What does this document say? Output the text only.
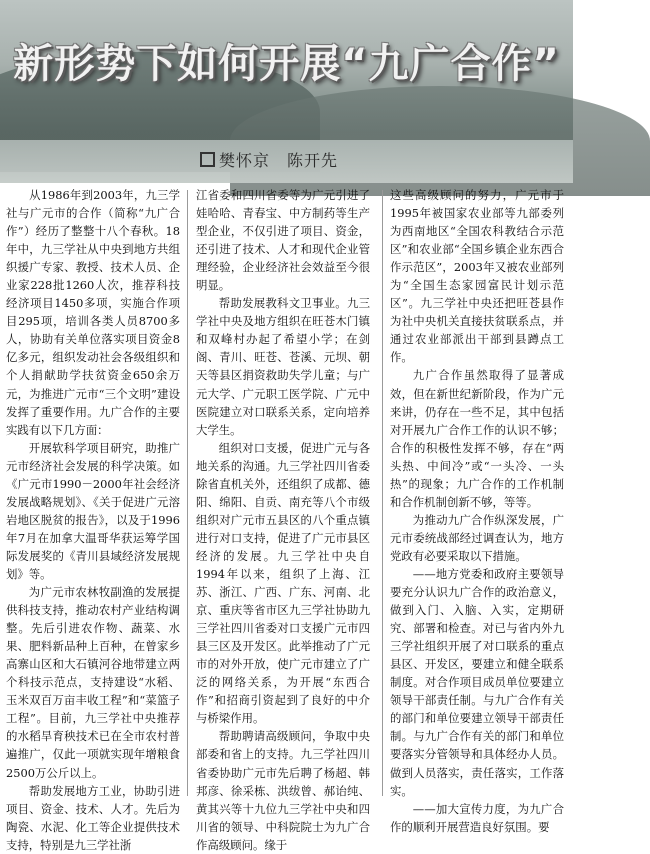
新形势下如何开展“九广合作”
樊怀京　陈开先

　　从1986年到2003年，九三学社与广元市的合作（简称“九广合作”）经历了整整十八个春秋。18年中，九三学社从中央到地方共组织援广专家、教授、技术人员、企业家228批1260人次，推荐科技经济项目1450多项，实施合作项目295项，培训各类人员8700多人，协助有关单位落实项目资金8亿多元，组织发动社会各级组织和个人捐献助学扶贫资金650余万元，为推进广元市“三个文明”建设发挥了重要作用。九广合作的主要实践有以下几方面：

开展软科学项目研究，助推广元市经济社会发展的科学决策。如《广元市1990－2000年社会经济发展战略规划》、《关于促进广元溶岩地区脱贫的报告》，以及于1996年7月在加拿大温哥华获运筹学国际发展奖的《青川县域经济发展规划》等。

为广元市农林牧副渔的发展提供科技支持，推动农村产业结构调整。先后引进农作物、蔬菜、水果、肥料新品种上百种，在曾家乡高寨山区和大石镇河谷地带建立两个科技示范点，支持建设“水稻、玉米双百万亩丰收工程”和“菜篮子工程”。目前，九三学社中央推荐的水稻旱育秧技术已在全市农村普遍推广，仅此一项就实现年增粮食2500万公斤以上。

帮助发展地方工业，协助引进项目、资金、技术、人才。先后为陶瓷、水泥、化工等企业提供技术支持，特别是九三学社浙

江省委和四川省委等为广元引进了娃哈哈、青春宝、中方制药等生产型企业，不仅引进了项目、资金，还引进了技术、人才和现代企业管理经验，企业经济社会效益至今很明显。

帮助发展教科文卫事业。九三学社中央及地方组织在旺苍木门镇和双峰村办起了希望小学；在剑阁、青川、旺苍、苍溪、元坝、朝天等县区捐资救助失学儿童；与广元大学、广元职工医学院、广元中医院建立对口联系关系，定向培养大学生。

组织对口支援，促进广元与各地关系的沟通。九三学社四川省委除省直机关外，还组织了成都、德阳、绵阳、自贡、南充等八个市级组织对广元市五县区的八个重点镇进行对口支持，促进了广元市县区经济的发展。九三学社中央自1994年以来，组织了上海、江苏、浙江、广西、广东、河南、北京、重庆等省市区九三学社协助九三学社四川省委对口支援广元市四县三区及开发区。此举推动了广元市的对外开放，使广元市建立了广泛的网络关系，为开展“东西合作”和招商引资起到了良好的中介与桥梁作用。

帮助聘请高级顾问，争取中央部委和省上的支持。九三学社四川省委协助广元市先后聘了杨超、韩邦彦、徐采栋、洪绂曾、郝诒纯、黄其兴等十九位九三学社中央和四川省的领导、中科院院士为九广合作高级顾问。缘于

这些高级顾问的努力，广元市于1995年被国家农业部等九部委列为西南地区“全国农科教结合示范区”和农业部“全国乡镇企业东西合作示范区”，2003年又被农业部列为“全国生态家园富民计划示范区”。九三学社中央还把旺苍县作为社中央机关直接扶贫联系点，并通过农业部派出干部到县蹲点工作。

九广合作虽然取得了显著成效，但在新世纪新阶段，作为广元来讲，仍存在一些不足，其中包括对开展九广合作工作的认识不够；合作的积极性发挥不够，存在“两头热、中间冷”或“一头冷、一头热”的现象；九广合作的工作机制和合作机制创新不够，等等。

为推动九广合作纵深发展，广元市委统战部经过调查认为，地方党政有必要采取以下措施。

——地方党委和政府主要领导要充分认识九广合作的政治意义，做到入门、入脑、入实，定期研究、部署和检查。对已与省内外九三学社组织开展了对口联系的重点县区、开发区，要建立和健全联系制度。对合作项目成员单位要建立领导干部责任制。与九广合作有关的部门和单位要建立领导干部责任制。与九广合作有关的部门和单位要落实分管领导和具体经办人员。做到人员落实，责任落实，工作落实。

——加大宣传力度，为九广合作的顺利开展营造良好氛围。要
